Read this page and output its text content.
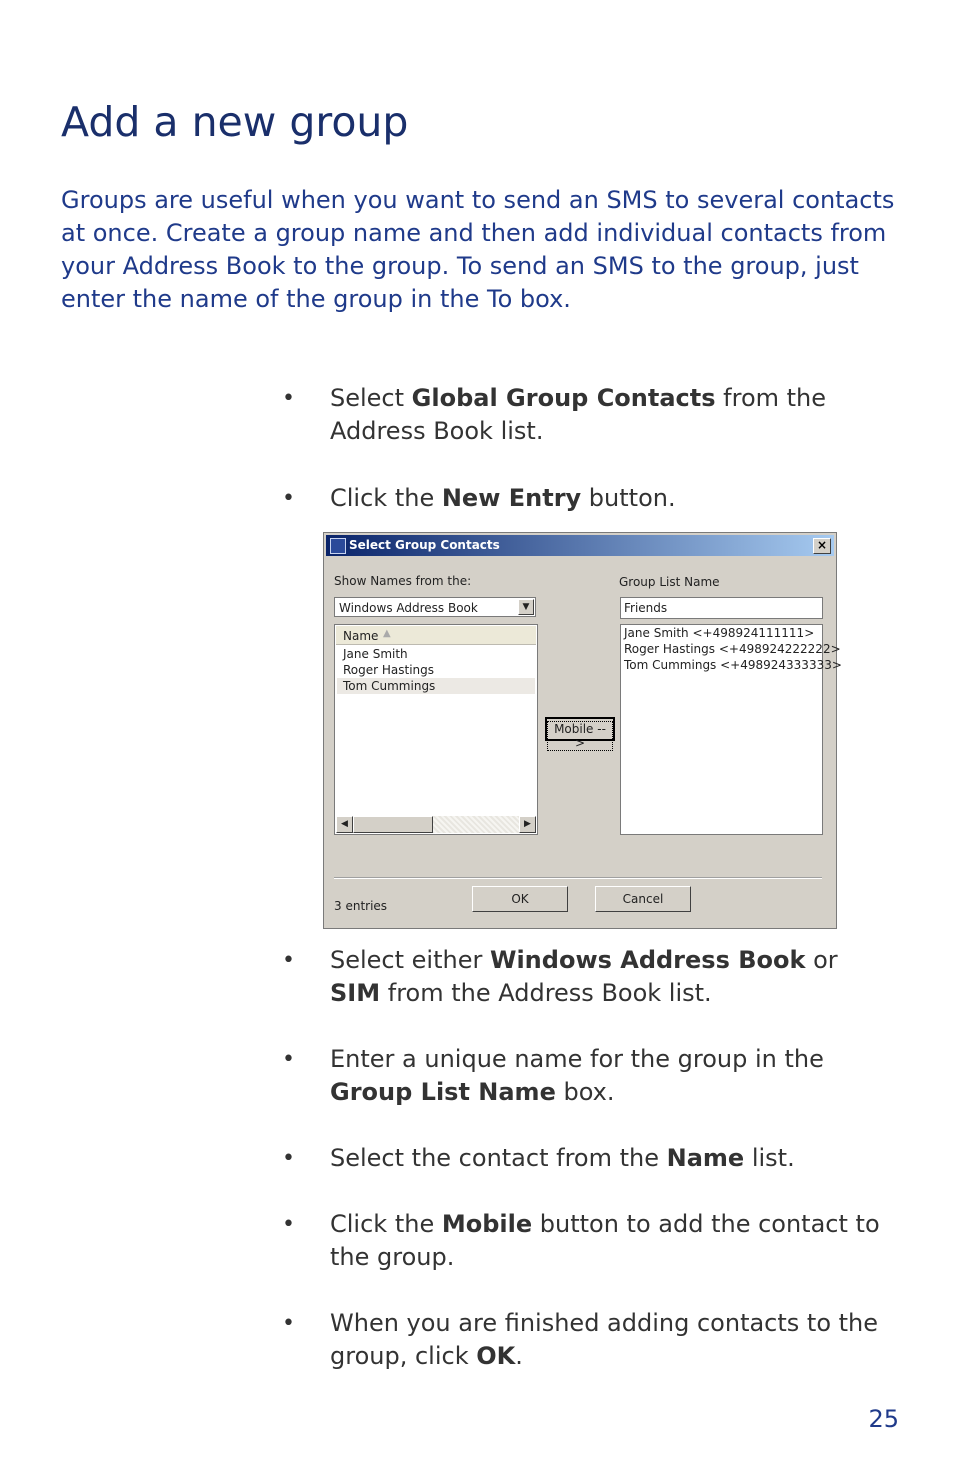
Add a new group

Groups are useful when you want to send an SMS to several contacts at once. Create a group name and then add individual contacts from your Address Book to the group. To send an SMS to the group, just enter the name of the group in the To box.

• Select Global Group Contacts from the Address Book list.
• Click the New Entry button.
• Select either Windows Address Book or SIM from the Address Book list.
• Enter a unique name for the group in the Group List Name box.
• Select the contact from the Name list.
• Click the Mobile button to add the contact to the group.
• When you are finished adding contacts to the group, click OK.
Select Group Contacts	×
Show Names from the:
Windows Address Book	▼
Name ▲
Jane Smith
Roger Hastings
Tom Cummings
◀	▶
Mobile -->
Group List Name
Friends
Jane Smith <+498924111111>
Roger Hastings <+498924222222>
Tom Cummings <+498924333333>
3 entries	OK	Cancel
25
